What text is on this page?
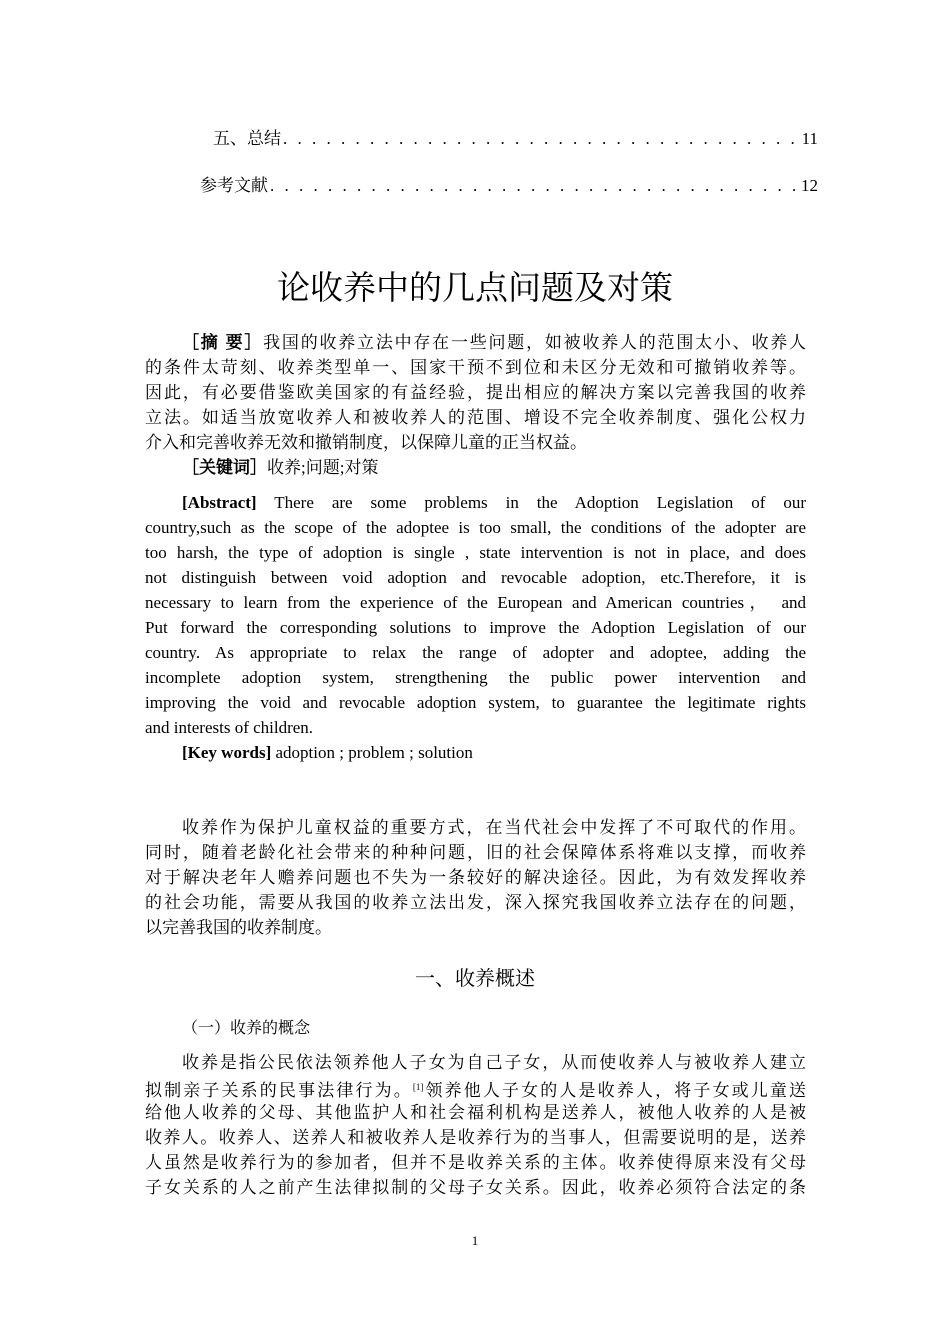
五、总结 . . .	11
参考文献 . . .	12
论收养中的几点问题及对策
［摘 要］我国的收养立法中存在一些问题，如被收养人的范围太小、收养人
的条件太苛刻、收养类型单一、国家干预不到位和未区分无效和可撤销收养等。
因此，有必要借鉴欧美国家的有益经验，提出相应的解决方案以完善我国的收养
立法。如适当放宽收养人和被收养人的范围、增设不完全收养制度、强化公权力
介入和完善收养无效和撤销制度，以保障儿童的正当权益。
［关键词］收养;问题;对策
[Abstract] There are some problems in the Adoption Legislation of our
country,such as the scope of the adoptee is too small, the conditions of the adopter are
too harsh, the type of adoption is single , state intervention is not in place, and does
not distinguish between void adoption and revocable adoption, etc.Therefore, it is
necessary to learn from the experience of the European and American countries， and
Put forward the corresponding solutions to improve the Adoption Legislation of our
country. As appropriate to relax the range of adopter and adoptee, adding the
incomplete adoption system, strengthening the public power intervention and
improving the void and revocable adoption system, to guarantee the legitimate rights
and interests of children.
[Key words] adoption ; problem ; solution
收养作为保护儿童权益的重要方式，在当代社会中发挥了不可取代的作用。
同时，随着老龄化社会带来的种种问题，旧的社会保障体系将难以支撑，而收养
对于解决老年人赡养问题也不失为一条较好的解决途径。因此，为有效发挥收养
的社会功能，需要从我国的收养立法出发，深入探究我国收养立法存在的问题，
以完善我国的收养制度。
一、收养概述
（一）收养的概念
收养是指公民依法领养他人子女为自己子女，从而使收养人与被收养人建立
拟制亲子关系的民事法律行为。[1]领养他人子女的人是收养人，将子女或儿童送
给他人收养的父母、其他监护人和社会福利机构是送养人，被他人收养的人是被
收养人。收养人、送养人和被收养人是收养行为的当事人，但需要说明的是，送养
人虽然是收养行为的参加者，但并不是收养关系的主体。收养使得原来没有父母
子女关系的人之前产生法律拟制的父母子女关系。因此，收养必须符合法定的条
1
